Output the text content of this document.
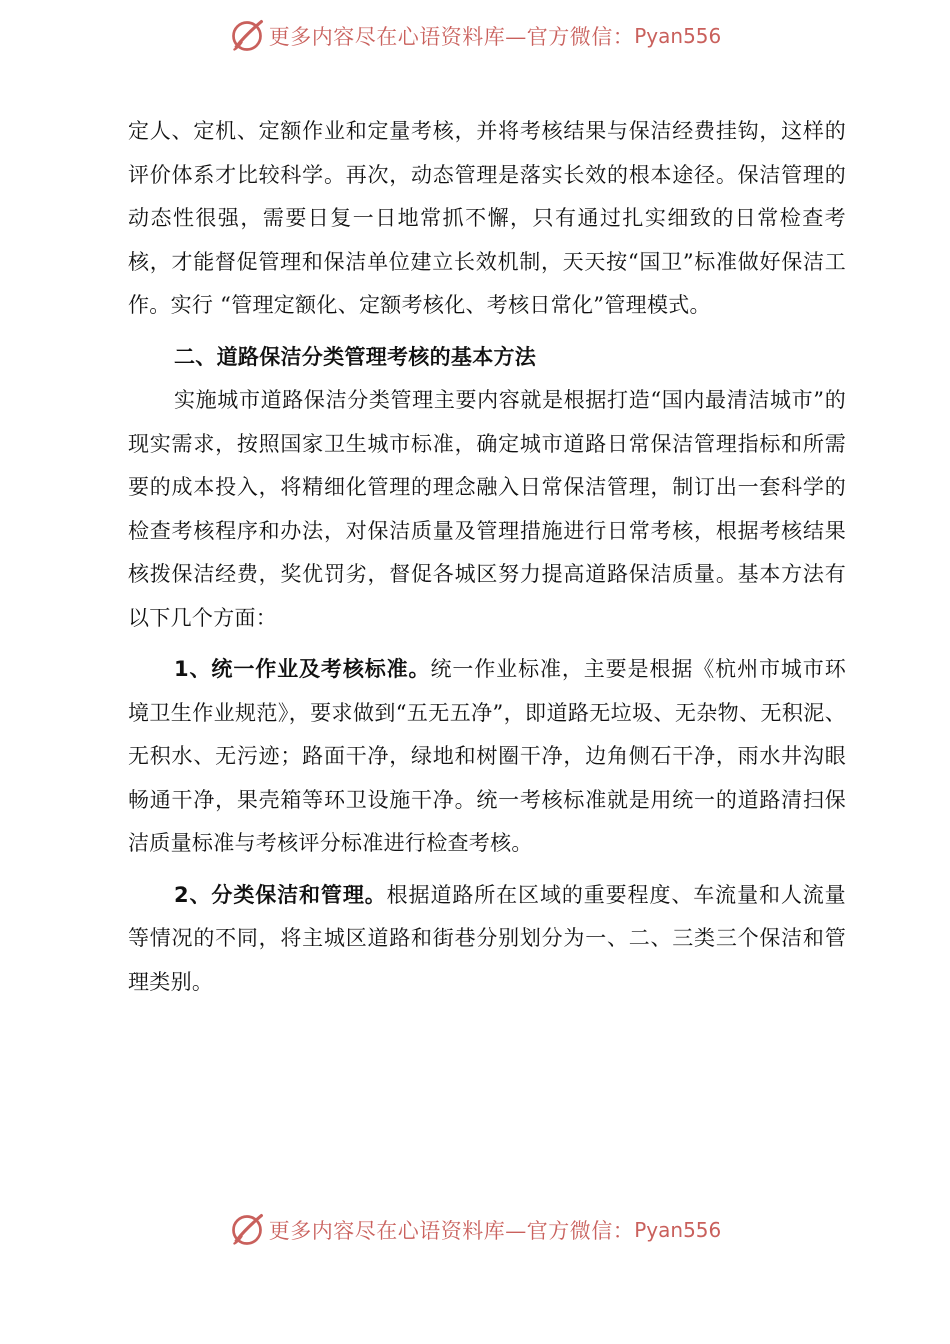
更多内容尽在心语资料库—官方微信： Pyan556

定人、定机、定额作业和定量考核，并将考核结果与保洁经费挂钩，这样的评价体系才比较科学。再次，动态管理是落实长效的根本途径。保洁管理的动态性很强，需要日复一日地常抓不懈，只有通过扎实细致的日常检查考核，才能督促管理和保洁单位建立长效机制，天天按“国卫”标准做好保洁工作。实行 “管理定额化、定额考核化、考核日常化”管理模式。

二、道路保洁分类管理考核的基本方法

实施城市道路保洁分类管理主要内容就是根据打造“国内最清洁城市”的现实需求，按照国家卫生城市标准，确定城市道路日常保洁管理指标和所需要的成本投入，将精细化管理的理念融入日常保洁管理，制订出一套科学的检查考核程序和办法，对保洁质量及管理措施进行日常考核，根据考核结果核拨保洁经费，奖优罚劣，督促各城区努力提高道路保洁质量。基本方法有以下几个方面：

1、统一作业及考核标准。统一作业标准，主要是根据《杭州市城市环境卫生作业规范》，要求做到“五无五净”，即道路无垃圾、无杂物、无积泥、无积水、无污迹；路面干净，绿地和树圈干净，边角侧石干净，雨水井沟眼畅通干净，果壳箱等环卫设施干净。统一考核标准就是用统一的道路清扫保洁质量标准与考核评分标准进行检查考核。

2、分类保洁和管理。根据道路所在区域的重要程度、车流量和人流量等情况的不同，将主城区道路和街巷分别划分为一、二、三类三个保洁和管理类别。

更多内容尽在心语资料库—官方微信： Pyan556
